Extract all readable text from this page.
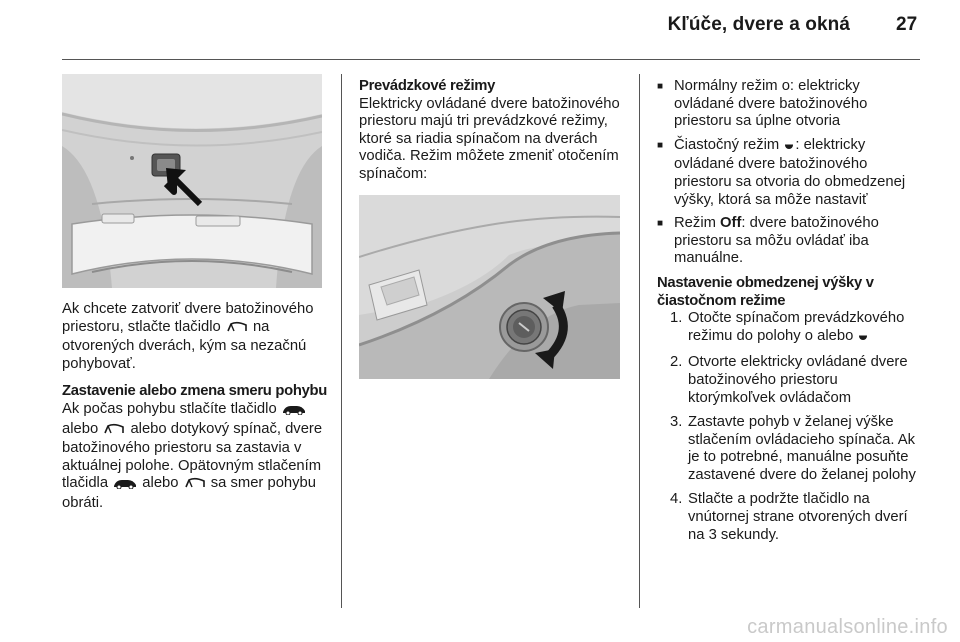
Kľúče, dvere a okná 27

Ak chcete zatvoriť dvere batožinového priestoru, stlačte tlačidlo  na otvorených dverách, kým sa nezačnú pohybovať.

Zastavenie alebo zmena smeru pohybu

Ak počas pohybu stlačíte tlačidlo  alebo  alebo dotykový spínač, dvere batožinového priestoru sa zastavia v aktuálnej polohe. Opätovným stlačením tlačidla  alebo  sa smer pohybu obráti.

Prevádzkové režimy

Elektricky ovládané dvere batožinového priestoru majú tri prevádzkové režimy, ktoré sa riadia spínačom na dverách vodiča. Režim môžete zmeniť otočením spínačom:

■ Normálny režim o: elektricky ovládané dvere batožinového priestoru sa úplne otvoria
■ Čiastočný režim : elektricky ovládané dvere batožinového priestoru sa otvoria do obmedzenej výšky, ktorá sa môže nastaviť
■ Režim Off: dvere batožinového priestoru sa môžu ovládať iba manuálne.

Nastavenie obmedzenej výšky v čiastočnom režime

1. Otočte spínačom prevádzkového režimu do polohy o alebo
2. Otvorte elektricky ovládané dvere batožinového priestoru ktorýmkoľvek ovládačom
3. Zastavte pohyb v želanej výške stlačením ovládacieho spínača. Ak je to potrebné, manuálne posuňte zastavené dvere do želanej polohy
4. Stlačte a podržte tlačidlo na vnútornej strane otvorených dverí na 3 sekundy.
carmanualsonline.info
